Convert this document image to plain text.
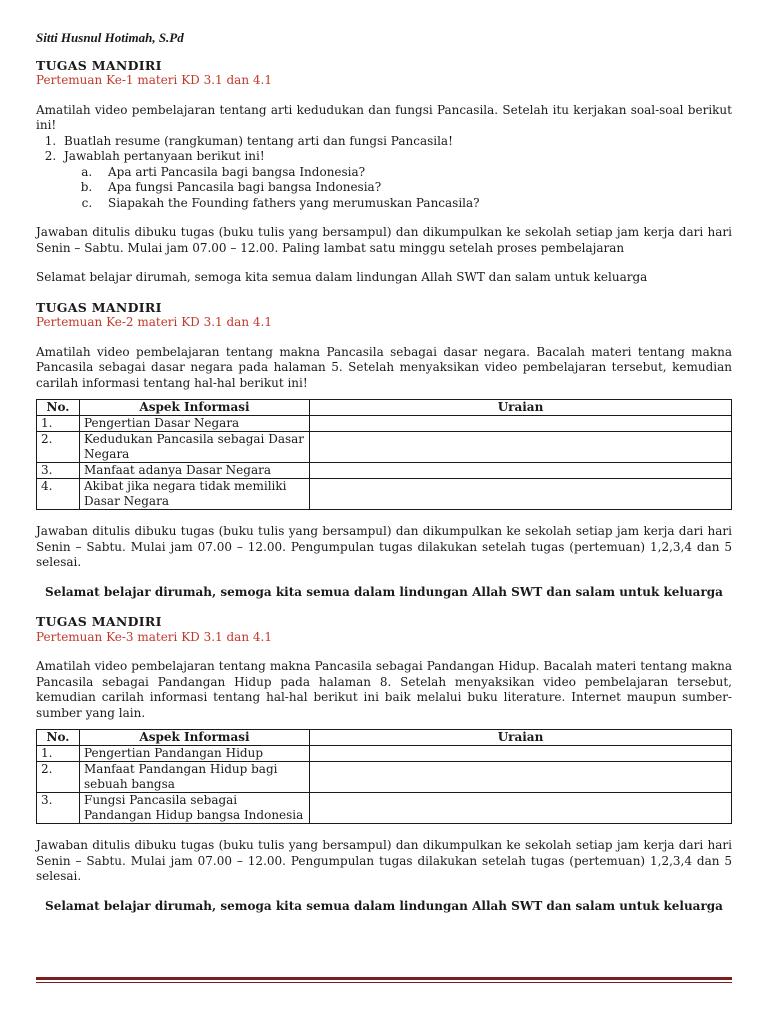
Sitti Husnul Hotimah, S.Pd

TUGAS MANDIRI

Pertemuan Ke-1 materi KD 3.1 dan 4.1

Amatilah video pembelajaran tentang arti kedudukan dan fungsi Pancasila. Setelah itu kerjakan soal-soal berikut ini!

1. Buatlah resume (rangkuman) tentang arti dan fungsi Pancasila!
2. Jawablah pertanyaan berikut ini!
a. Apa arti Pancasila bagi bangsa Indonesia?
b. Apa fungsi Pancasila bagi bangsa Indonesia?
c. Siapakah the Founding fathers yang merumuskan Pancasila?

Jawaban ditulis dibuku tugas (buku tulis yang bersampul) dan dikumpulkan ke sekolah setiap jam kerja dari hari Senin – Sabtu. Mulai jam 07.00 – 12.00. Paling lambat satu minggu setelah proses pembelajaran

Selamat belajar dirumah, semoga kita semua dalam lindungan Allah SWT dan salam untuk keluarga

TUGAS MANDIRI

Pertemuan Ke-2 materi KD 3.1 dan 4.1

Amatilah video pembelajaran tentang makna Pancasila sebagai dasar negara. Bacalah materi tentang makna Pancasila sebagai dasar negara pada halaman 5. Setelah menyaksikan video pembelajaran tersebut, kemudian carilah informasi tentang hal-hal berikut ini!

No.	Aspek Informasi	Uraian
1.	Pengertian Dasar Negara	
2.	Kedudukan Pancasila sebagai Dasar Negara	
3.	Manfaat adanya Dasar Negara	
4.	Akibat jika negara tidak memiliki Dasar Negara	

Jawaban ditulis dibuku tugas (buku tulis yang bersampul) dan dikumpulkan ke sekolah setiap jam kerja dari hari Senin – Sabtu. Mulai jam 07.00 – 12.00. Pengumpulan tugas dilakukan setelah tugas (pertemuan) 1,2,3,4 dan 5 selesai.

Selamat belajar dirumah, semoga kita semua dalam lindungan Allah SWT dan salam untuk keluarga

TUGAS MANDIRI

Pertemuan Ke-3 materi KD 3.1 dan 4.1

Amatilah video pembelajaran tentang makna Pancasila sebagai Pandangan Hidup. Bacalah materi tentang makna Pancasila sebagai Pandangan Hidup pada halaman 8. Setelah menyaksikan video pembelajaran tersebut, kemudian carilah informasi tentang hal-hal berikut ini baik melalui buku literature. Internet maupun sumber-sumber yang lain.

No.	Aspek Informasi	Uraian
1.	Pengertian Pandangan Hidup	
2.	Manfaat Pandangan Hidup bagi sebuah bangsa	
3.	Fungsi Pancasila sebagai Pandangan Hidup bangsa Indonesia	

Jawaban ditulis dibuku tugas (buku tulis yang bersampul) dan dikumpulkan ke sekolah setiap jam kerja dari hari Senin – Sabtu. Mulai jam 07.00 – 12.00. Pengumpulan tugas dilakukan setelah tugas (pertemuan) 1,2,3,4 dan 5 selesai.

Selamat belajar dirumah, semoga kita semua dalam lindungan Allah SWT dan salam untuk keluarga
